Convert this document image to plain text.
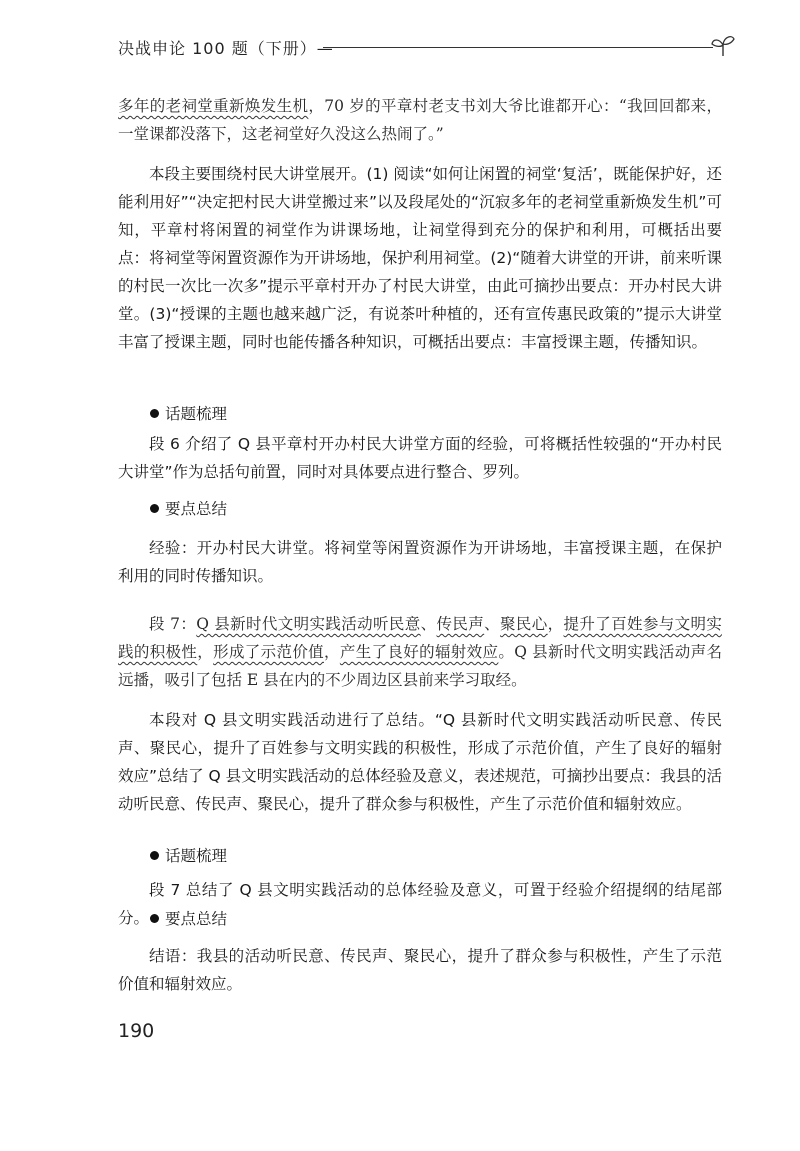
决战申论 100 题（下册）—

多年的老祠堂重新焕发生机，70 岁的平章村老支书刘大爷比谁都开心：“我回回都来，一堂课都没落下，这老祠堂好久没这么热闹了。”

本段主要围绕村民大讲堂展开。(1) 阅读“如何让闲置的祠堂‘复活’，既能保护好，还能利用好”“决定把村民大讲堂搬过来”以及段尾处的“沉寂多年的老祠堂重新焕发生机”可知，平章村将闲置的祠堂作为讲课场地，让祠堂得到充分的保护和利用，可概括出要点：将祠堂等闲置资源作为开讲场地，保护利用祠堂。(2)“随着大讲堂的开讲，前来听课的村民一次比一次多”提示平章村开办了村民大讲堂，由此可摘抄出要点：开办村民大讲堂。(3)“授课的主题也越来越广泛，有说茶叶种植的，还有宣传惠民政策的”提示大讲堂丰富了授课主题，同时也能传播各种知识，可概括出要点：丰富授课主题，传播知识。

话题梳理

段 6 介绍了 Q 县平章村开办村民大讲堂方面的经验，可将概括性较强的“开办村民大讲堂”作为总括句前置，同时对具体要点进行整合、罗列。

要点总结

经验：开办村民大讲堂。将祠堂等闲置资源作为开讲场地，丰富授课主题，在保护利用的同时传播知识。

段 7：Q 县新时代文明实践活动听民意、传民声、聚民心，提升了百姓参与文明实践的积极性，形成了示范价值，产生了良好的辐射效应。Q 县新时代文明实践活动声名远播，吸引了包括 E 县在内的不少周边区县前来学习取经。

本段对 Q 县文明实践活动进行了总结。“Q 县新时代文明实践活动听民意、传民声、聚民心，提升了百姓参与文明实践的积极性，形成了示范价值，产生了良好的辐射效应”总结了 Q 县文明实践活动的总体经验及意义，表述规范，可摘抄出要点：我县的活动听民意、传民声、聚民心，提升了群众参与积极性，产生了示范价值和辐射效应。

话题梳理

段 7 总结了 Q 县文明实践活动的总体经验及意义，可置于经验介绍提纲的结尾部分。	要点总结

结语：我县的活动听民意、传民声、聚民心，提升了群众参与积极性，产生了示范价值和辐射效应。

190
